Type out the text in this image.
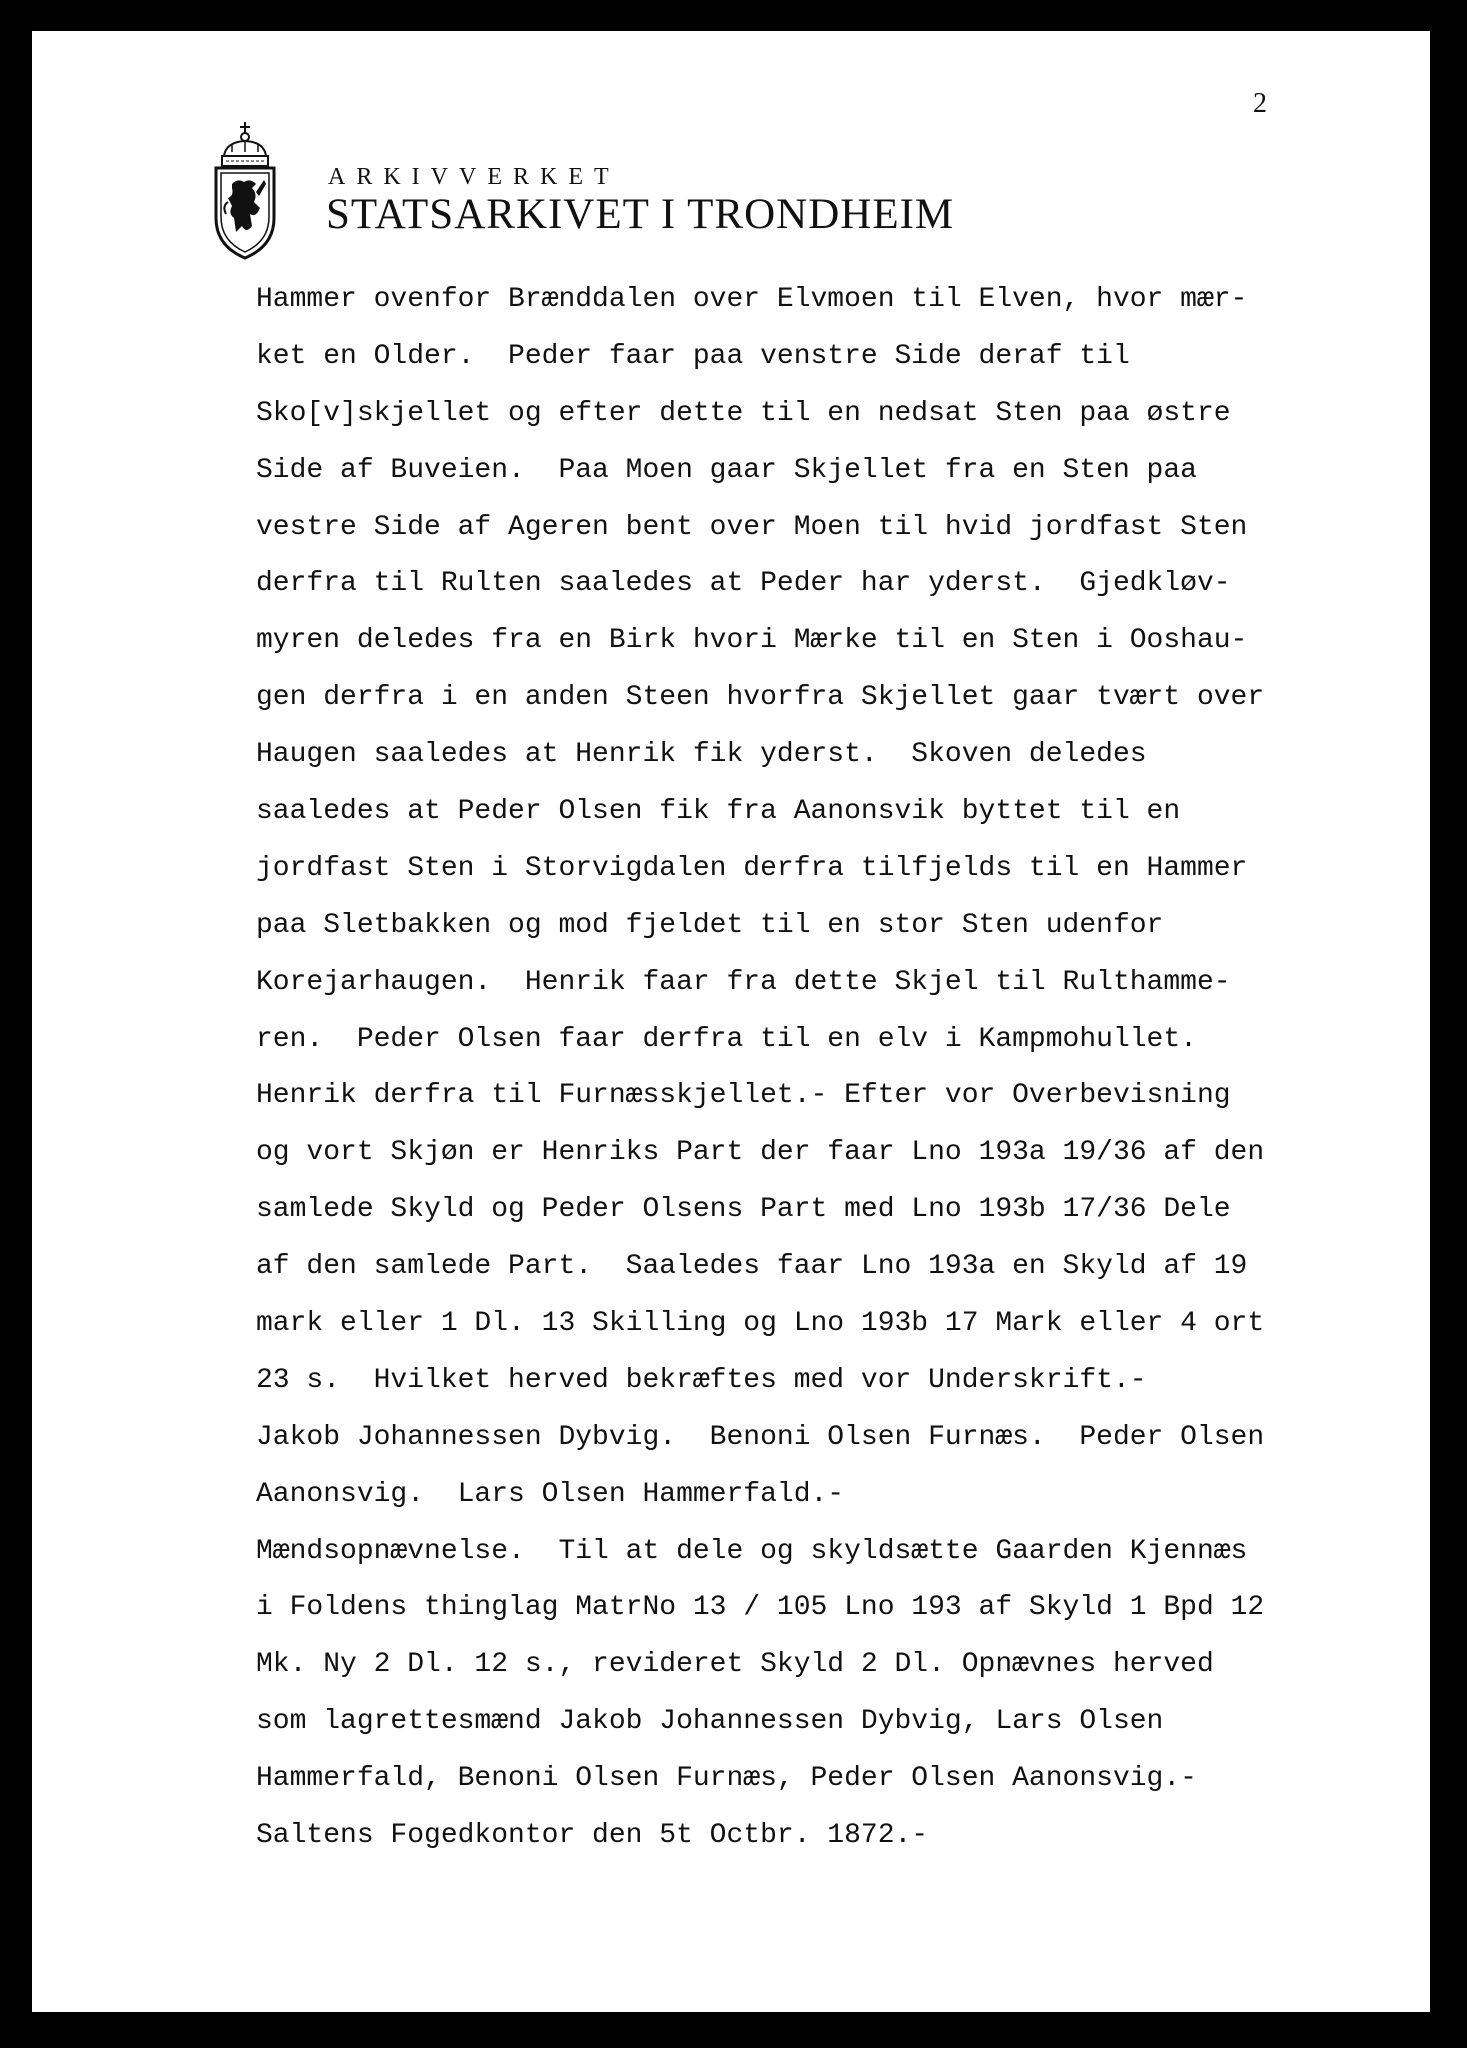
2
ARKIVVERKET
STATSARKIVET I TRONDHEIM
Hammer ovenfor Brænddalen over Elvmoen til Elven, hvor mær-
ket en Older.  Peder faar paa venstre Side deraf til
Sko[v]skjellet og efter dette til en nedsat Sten paa østre
Side af Buveien.  Paa Moen gaar Skjellet fra en Sten paa
vestre Side af Ageren bent over Moen til hvid jordfast Sten
derfra til Rulten saaledes at Peder har yderst.  Gjedkløv-
myren deledes fra en Birk hvori Mærke til en Sten i Ooshau-
gen derfra i en anden Steen hvorfra Skjellet gaar tvært over
Haugen saaledes at Henrik fik yderst.  Skoven deledes
saaledes at Peder Olsen fik fra Aanonsvik byttet til en
jordfast Sten i Storvigdalen derfra tilfjelds til en Hammer
paa Sletbakken og mod fjeldet til en stor Sten udenfor
Korejarhaugen.  Henrik faar fra dette Skjel til Rulthamme-
ren.  Peder Olsen faar derfra til en elv i Kampmohullet.
Henrik derfra til Furnæsskjellet.- Efter vor Overbevisning
og vort Skjøn er Henriks Part der faar Lno 193a 19/36 af den
samlede Skyld og Peder Olsens Part med Lno 193b 17/36 Dele
af den samlede Part.  Saaledes faar Lno 193a en Skyld af 19
mark eller 1 Dl. 13 Skilling og Lno 193b 17 Mark eller 4 ort
23 s.  Hvilket herved bekræftes med vor Underskrift.-
Jakob Johannessen Dybvig.  Benoni Olsen Furnæs.  Peder Olsen
Aanonsvig.  Lars Olsen Hammerfald.-
Mændsopnævnelse.  Til at dele og skyldsætte Gaarden Kjennæs
i Foldens thinglag MatrNo 13 / 105 Lno 193 af Skyld 1 Bpd 12
Mk. Ny 2 Dl. 12 s., revideret Skyld 2 Dl. Opnævnes herved
som lagrettesmænd Jakob Johannessen Dybvig, Lars Olsen
Hammerfald, Benoni Olsen Furnæs, Peder Olsen Aanonsvig.-
Saltens Fogedkontor den 5t Octbr. 1872.-
